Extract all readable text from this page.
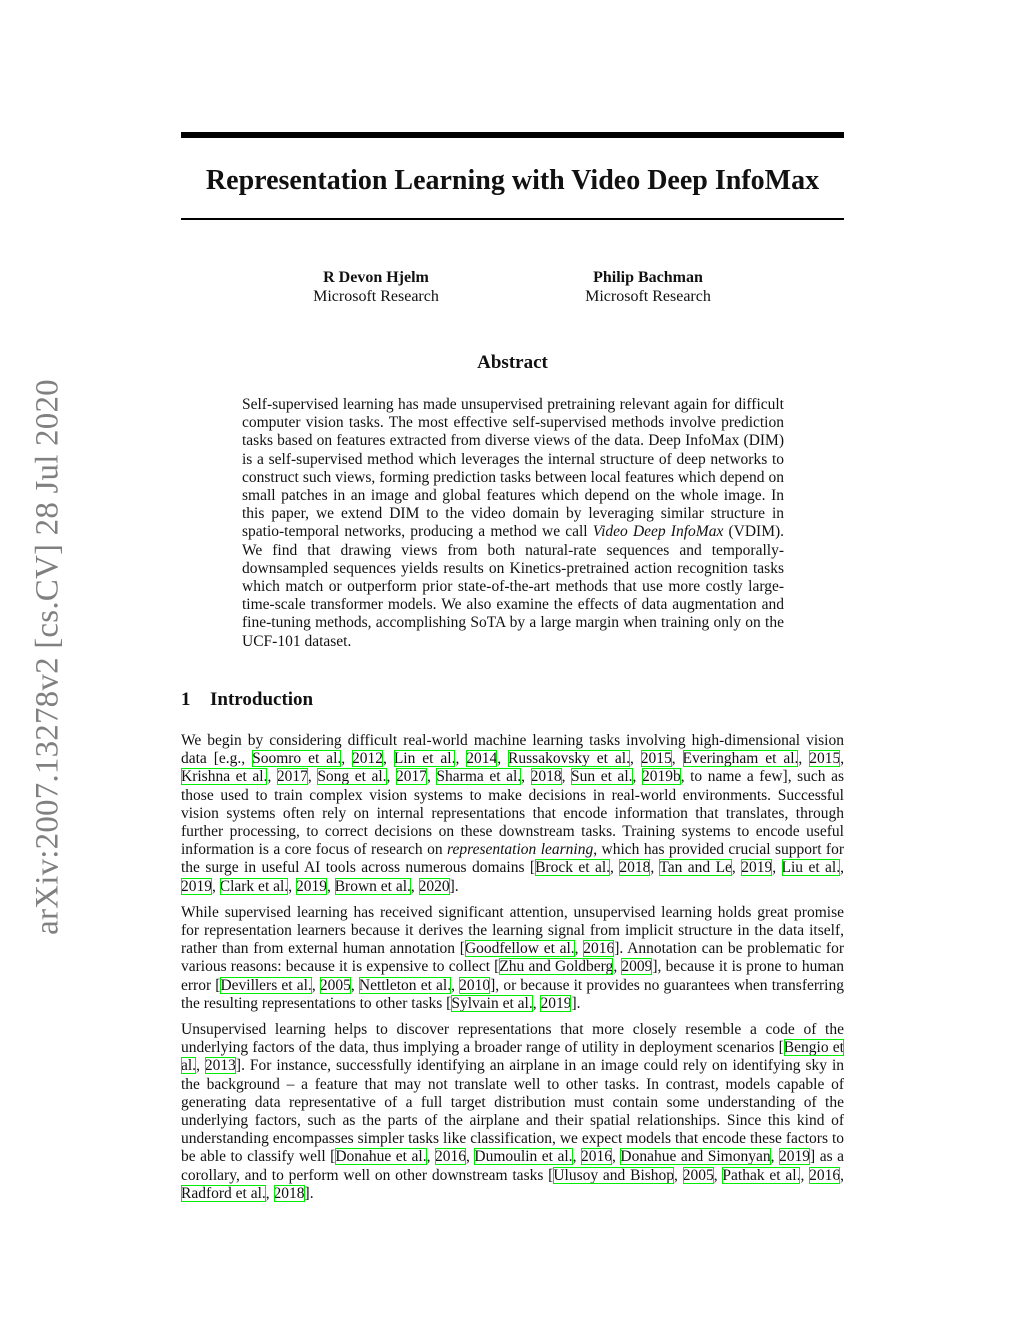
arXiv:2007.13278v2 [cs.CV] 28 Jul 2020
Representation Learning with Video Deep InfoMax
R Devon Hjelm
Microsoft Research
Philip Bachman
Microsoft Research
Abstract

Self-supervised learning has made unsupervised pretraining relevant again for difficult computer vision tasks. The most effective self-supervised methods involve prediction tasks based on features extracted from diverse views of the data. Deep InfoMax (DIM) is a self-supervised method which leverages the internal structure of deep networks to construct such views, forming prediction tasks between local features which depend on small patches in an image and global features which depend on the whole image. In this paper, we extend DIM to the video domain by leveraging similar structure in spatio-temporal networks, producing a method we call Video Deep InfoMax (VDIM). We find that drawing views from both natural-rate sequences and temporally-downsampled sequences yields results on Kinetics-pretrained action recognition tasks which match or outperform prior state-of-the-art methods that use more costly large-time-scale transformer models. We also examine the effects of data augmentation and fine-tuning methods, accomplishing SoTA by a large margin when training only on the UCF-101 dataset.

1 Introduction

We begin by considering difficult real-world machine learning tasks involving high-dimensional vision data [e.g., Soomro et al., 2012, Lin et al., 2014, Russakovsky et al., 2015, Everingham et al., 2015, Krishna et al., 2017, Song et al., 2017, Sharma et al., 2018, Sun et al., 2019b, to name a few], such as those used to train complex vision systems to make decisions in real-world environments. Successful vision systems often rely on internal representations that encode information that translates, through further processing, to correct decisions on these downstream tasks. Training systems to encode useful information is a core focus of research on representation learning, which has provided crucial support for the surge in useful AI tools across numerous domains [Brock et al., 2018, Tan and Le, 2019, Liu et al., 2019, Clark et al., 2019, Brown et al., 2020].

While supervised learning has received significant attention, unsupervised learning holds great promise for representation learners because it derives the learning signal from implicit structure in the data itself, rather than from external human annotation [Goodfellow et al., 2016]. Annotation can be problematic for various reasons: because it is expensive to collect [Zhu and Goldberg, 2009], because it is prone to human error [Devillers et al., 2005, Nettleton et al., 2010], or because it provides no guarantees when transferring the resulting representations to other tasks [Sylvain et al., 2019].

Unsupervised learning helps to discover representations that more closely resemble a code of the underlying factors of the data, thus implying a broader range of utility in deployment scenarios [Bengio et al., 2013]. For instance, successfully identifying an airplane in an image could rely on identifying sky in the background – a feature that may not translate well to other tasks. In contrast, models capable of generating data representative of a full target distribution must contain some understanding of the underlying factors, such as the parts of the airplane and their spatial relationships. Since this kind of understanding encompasses simpler tasks like classification, we expect models that encode these factors to be able to classify well [Donahue et al., 2016, Dumoulin et al., 2016, Donahue and Simonyan, 2019] as a corollary, and to perform well on other downstream tasks [Ulusoy and Bishop, 2005, Pathak et al., 2016, Radford et al., 2018].
